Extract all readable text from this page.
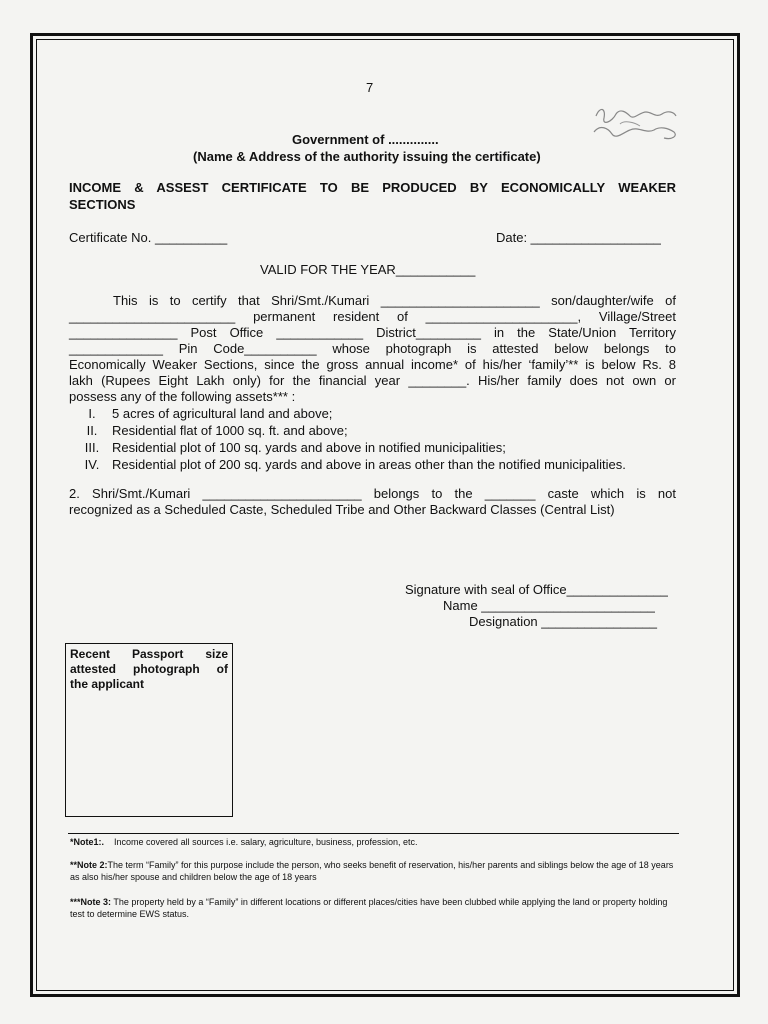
7
Government of ..............
(Name & Address of the authority issuing the certificate)
INCOME & ASSEST CERTIFICATE TO BE PRODUCED BY ECONOMICALLY WEAKER
SECTIONS
Certificate No. __________	Date: __________________
VALID FOR THE YEAR___________
This is to certify that Shri/Smt./Kumari ______________________ son/daughter/wife of
_______________________ permanent resident of _____________________, Village/Street
_______________ Post Office ____________ District_________ in the State/Union Territory
_____________ Pin Code__________ whose photograph is attested below belongs to
Economically Weaker Sections, since the gross annual income* of his/her ‘family’** is below Rs. 8
lakh (Rupees Eight Lakh only) for the financial year ________. His/her family does not own or
possess any of the following assets*** :
I.	5 acres of agricultural land and above;
II.	Residential flat of 1000 sq. ft. and above;
III. Residential plot of 100 sq. yards and above in notified municipalities;
IV. Residential plot of 200 sq. yards and above in areas other than the notified municipalities.
2. Shri/Smt./Kumari ______________________ belongs to the _______ caste which is not
recognized as a Scheduled Caste, Scheduled Tribe and Other Backward Classes (Central List)
Signature with seal of Office______________
Name ________________________
Designation ________________
Recent Passport size
attested photograph of
the applicant
*Note1:. Income covered all sources i.e. salary, agriculture, business, profession, etc.
**Note 2:The term “Family” for this purpose include the person, who seeks benefit of reservation, his/her parents and siblings below the age of 18 years as also his/her spouse and children below the age of 18 years
***Note 3: The property held by a “Family” in different locations or different places/cities have been clubbed while applying the land or property holding test to determine EWS status.
